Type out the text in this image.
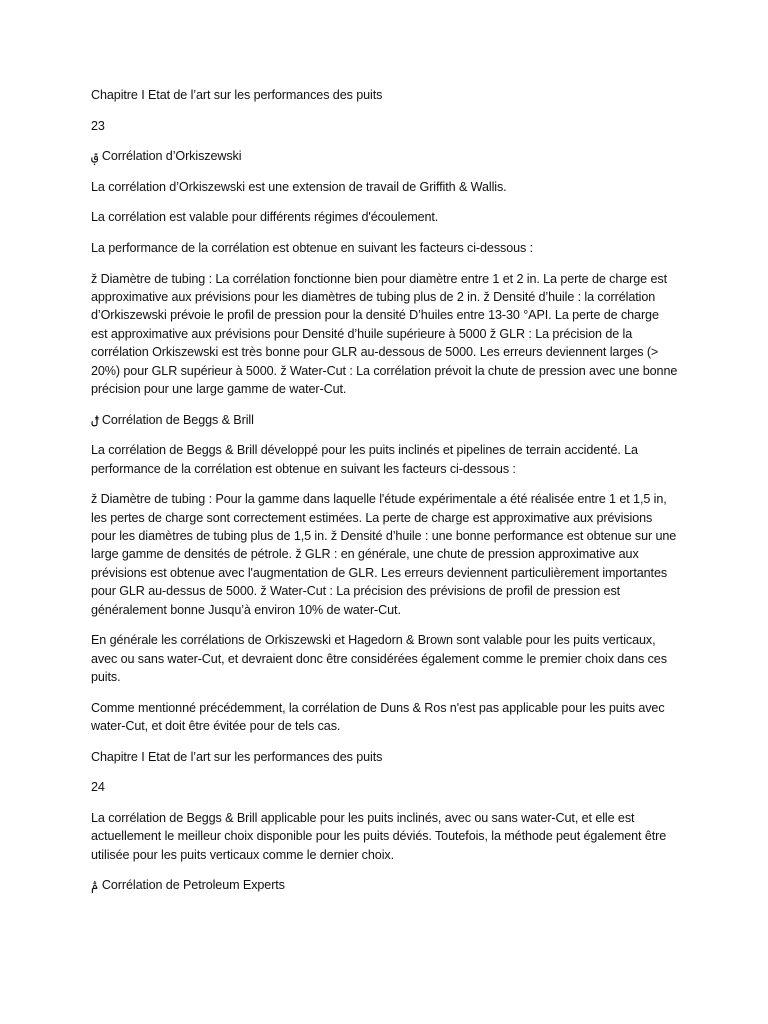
Chapitre I Etat de l’art sur les performances des puits

23

ࢥ Corrélation d’Orkiszewski

La corrélation d’Orkiszewski est une extension de travail de Griffith & Wallis.

La corrélation est valable pour différents régimes d'écoulement.

La performance de la corrélation est obtenue en suivant les facteurs ci-dessous :

ž Diamètre de tubing : La corrélation fonctionne bien pour diamètre entre 1 et 2 in. La perte de charge est approximative aux prévisions pour les diamètres de tubing plus de 2 in. ž Densité d’huile : la corrélation d’Orkiszewski prévoie le profil de pression pour la densité D’huiles entre 13-30 °API. La perte de charge est approximative aux prévisions pour Densité d’huile supérieure à 5000 ž GLR : La précision de la corrélation Orkiszewski est très bonne pour GLR au-dessous de 5000. Les erreurs deviennent larges (> 20%) pour GLR supérieur à 5000. ž Water-Cut : La corrélation prévoit la chute de pression avec une bonne précision pour une large gamme de water-Cut.

ࢦ Corrélation de Beggs & Brill

La corrélation de Beggs & Brill développé pour les puits inclinés et pipelines de terrain accidenté. La performance de la corrélation est obtenue en suivant les facteurs ci-dessous :

ž Diamètre de tubing : Pour la gamme dans laquelle l'étude expérimentale a été réalisée entre 1 et 1,5 in, les pertes de charge sont correctement estimées. La perte de charge est approximative aux prévisions pour les diamètres de tubing plus de 1,5 in. ž Densité d’huile : une bonne performance est obtenue sur une large gamme de densités de pétrole. ž GLR : en générale, une chute de pression approximative aux prévisions est obtenue avec l'augmentation de GLR. Les erreurs deviennent particulièrement importantes pour GLR au-dessus de 5000. ž Water-Cut : La précision des prévisions de profil de pression est généralement bonne Jusqu’à environ 10% de water-Cut.

En générale les corrélations de Orkiszewski et Hagedorn & Brown sont valable pour les puits verticaux, avec ou sans water-Cut, et devraient donc être considérées également comme le premier choix dans ces puits.

Comme mentionné précédemment, la corrélation de Duns & Ros n'est pas applicable pour les puits avec water-Cut, et doit être évitée pour de tels cas.

Chapitre I Etat de l’art sur les performances des puits

24

La corrélation de Beggs & Brill applicable pour les puits inclinés, avec ou sans water-Cut, et elle est actuellement le meilleur choix disponible pour les puits déviés. Toutefois, la méthode peut également être utilisée pour les puits verticaux comme le dernier choix.

ࢧ Corrélation de Petroleum Experts
